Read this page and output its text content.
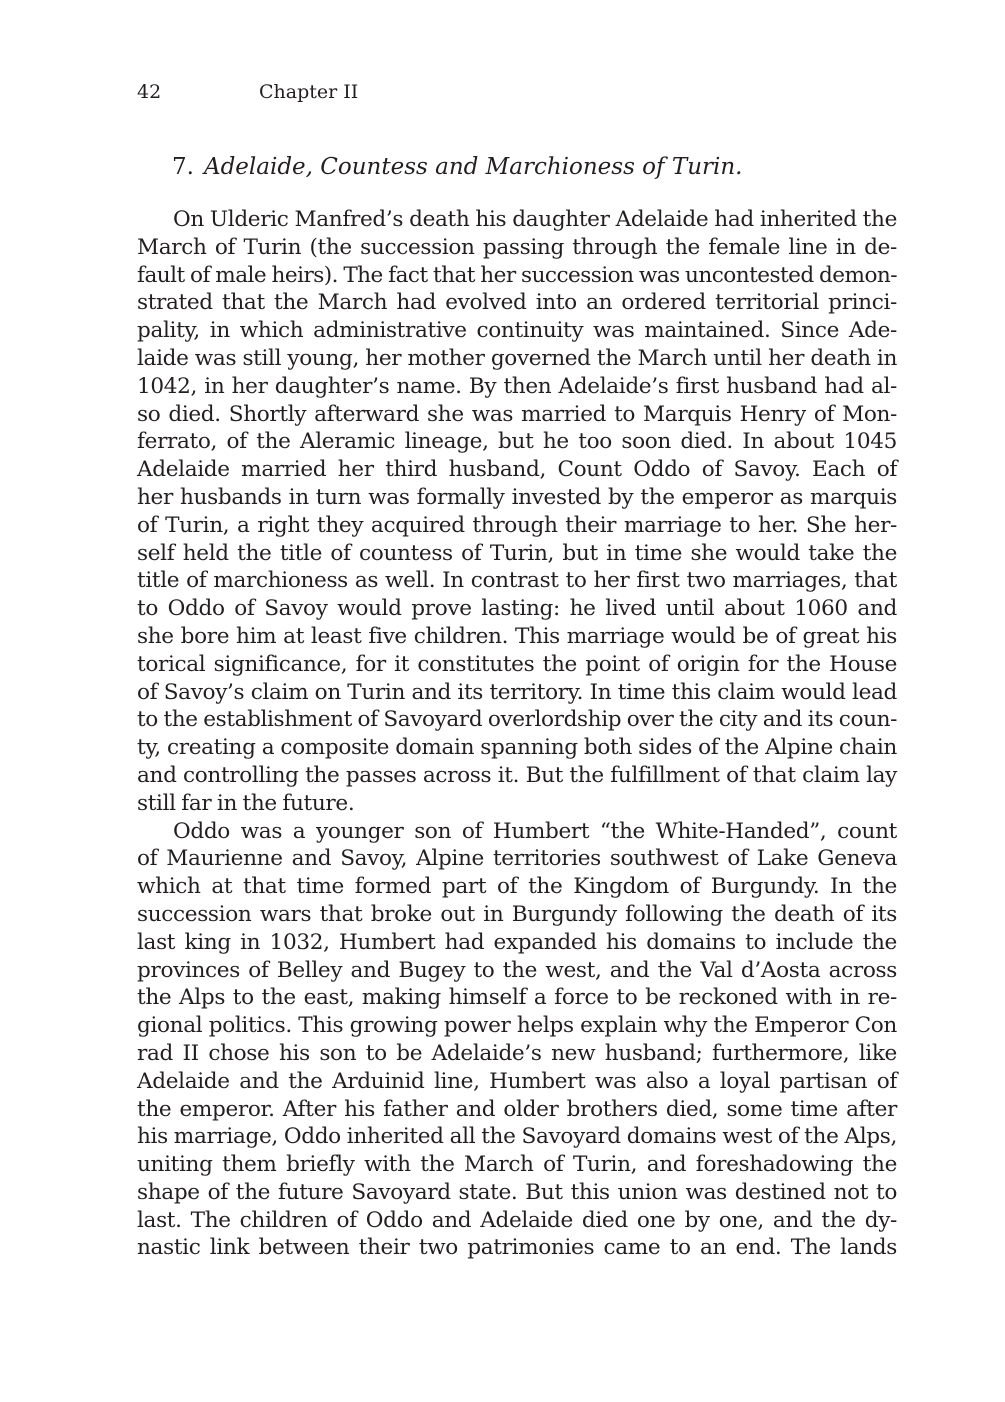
42	Chapter II
7. Adelaide, Countess and Marchioness of Turin.
On Ulderic Manfred’s death his daughter Adelaide had inherited the
March of Turin (the succession passing through the female line in de-
fault of male heirs). The fact that her succession was uncontested demon-
strated that the March had evolved into an ordered territorial princi-
pality, in which administrative continuity was maintained. Since Ade-
laide was still young, her mother governed the March until her death in
1042, in her daughter’s name. By then Adelaide’s first husband had al-
so died. Shortly afterward she was married to Marquis Henry of Mon-
ferrato, of the Aleramic lineage, but he too soon died. In about 1045
Adelaide married her third husband, Count Oddo of Savoy. Each of
her husbands in turn was formally invested by the emperor as marquis
of Turin, a right they acquired through their marriage to her. She her-
self held the title of countess of Turin, but in time she would take the
title of marchioness as well. In contrast to her first two marriages, that
to Oddo of Savoy would prove lasting: he lived until about 1060 and
she bore him at least five children. This marriage would be of great his
torical significance, for it constitutes the point of origin for the House
of Savoy’s claim on Turin and its territory. In time this claim would lead
to the establishment of Savoyard overlordship over the city and its coun-
ty, creating a composite domain spanning both sides of the Alpine chain
and controlling the passes across it. But the fulfillment of that claim lay
still far in the future.
Oddo was a younger son of Humbert “the White-Handed”, count
of Maurienne and Savoy, Alpine territories southwest of Lake Geneva
which at that time formed part of the Kingdom of Burgundy. In the
succession wars that broke out in Burgundy following the death of its
last king in 1032, Humbert had expanded his domains to include the
provinces of Belley and Bugey to the west, and the Val d’Aosta across
the Alps to the east, making himself a force to be reckoned with in re-
gional politics. This growing power helps explain why the Emperor Con
rad II chose his son to be Adelaide’s new husband; furthermore, like
Adelaide and the Arduinid line, Humbert was also a loyal partisan of
the emperor. After his father and older brothers died, some time after
his marriage, Oddo inherited all the Savoyard domains west of the Alps,
uniting them briefly with the March of Turin, and foreshadowing the
shape of the future Savoyard state. But this union was destined not to
last. The children of Oddo and Adelaide died one by one, and the dy-
nastic link between their two patrimonies came to an end. The lands
